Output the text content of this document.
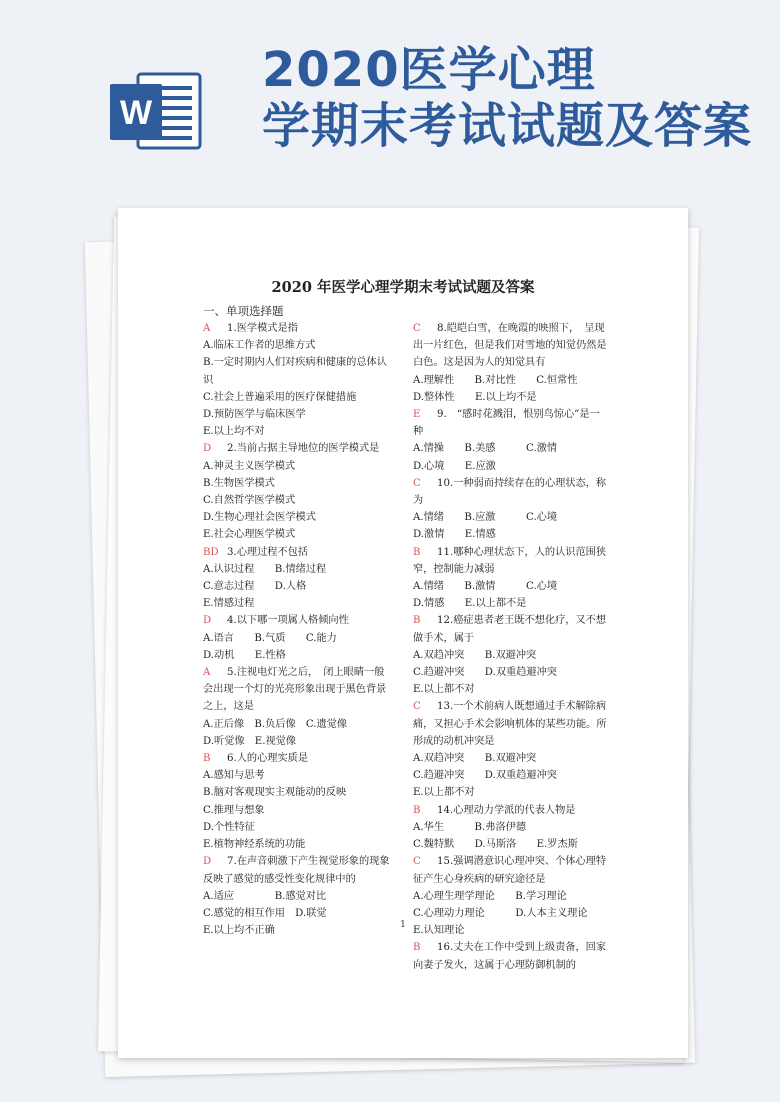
W
2020医学心理
学期末考试试题及答案
2020 年医学心理学期末考试试题及答案
一、单项选择题
A 1.医学模式是指
A.临床工作者的思维方式
B.一定时期内人们对疾病和健康的总体认
识
C.社会上普遍采用的医疗保健措施
D.预防医学与临床医学
E.以上均不对
D 2.当前占据主导地位的医学模式是
A.神灵主义医学模式
B.生物医学模式
C.自然哲学医学模式
D.生物心理社会医学模式
E.社会心理医学模式
BD 3.心理过程不包括
A.认识过程　　B.情绪过程
C.意志过程　　D.人格
E.情感过程
D 4.以下哪一项属人格倾向性
A.语言　　B.气质　　C.能力
D.动机　　E.性格
A 5.注视电灯光之后，　闭上眼睛一般会出现一个灯的光亮形象出现于黑色背景之上，这是
A.正后像　B.负后像　C.遗觉像
D.听觉像　E.视觉像
B 6.人的心理实质是
A.感知与思考
B.脑对客观现实主观能动的反映
C.推理与想象
D.个性特征
E.植物神经系统的功能
D 7.在声音刺激下产生视觉形象的现象反映了感觉的感受性变化规律中的
A.适应　　　　B.感觉对比
C.感觉的相互作用　D.联觉
E.以上均不正确
C 8.皑皑白雪，在晚霞的映照下，　呈现出一片红色，但是我们对雪地的知觉仍然是白色。这是因为人的知觉具有
A.理解性　　B.对比性　　C.恒常性
D.整体性　　E.以上均不是
E 9.　“感时花溅泪，恨别鸟惊心”是一种
A.情操　　B.美感　　　C.激情
D.心境　　E.应激
C 10.一种弱而持续存在的心理状态，称为
A.情绪　　B.应激　　　C.心境
D.激情　　E.情感
B 11.哪种心理状态下，人的认识范围狭窄，控制能力减弱
A.情绪　　B.激情　　　C.心境
D.情感　　E.以上都不是
B 12.癌症患者老王既不想化疗，又不想做手术，属于
A.双趋冲突　　B.双避冲突
C.趋避冲突　　D.双重趋避冲突
E.以上都不对
C 13.一个术前病人既想通过手术解除病痛，又担心手术会影响机体的某些功能。所形成的动机冲突是
A.双趋冲突　　B.双避冲突
C.趋避冲突　　D.双重趋避冲突
E.以上都不对
B 14.心理动力学派的代表人物是
A.华生　　　B.弗洛伊德
C.魏特默　　D.马斯洛　　E.罗杰斯
C 15.强调潜意识心理冲突、个体心理特征产生心身疾病的研究途径是
A.心理生理学理论　　B.学习理论
C.心理动力理论　　　D.人本主义理论
E.认知理论
B 16.丈夫在工作中受到上级责备，回家向妻子发火，这属于心理防御机制的
1
